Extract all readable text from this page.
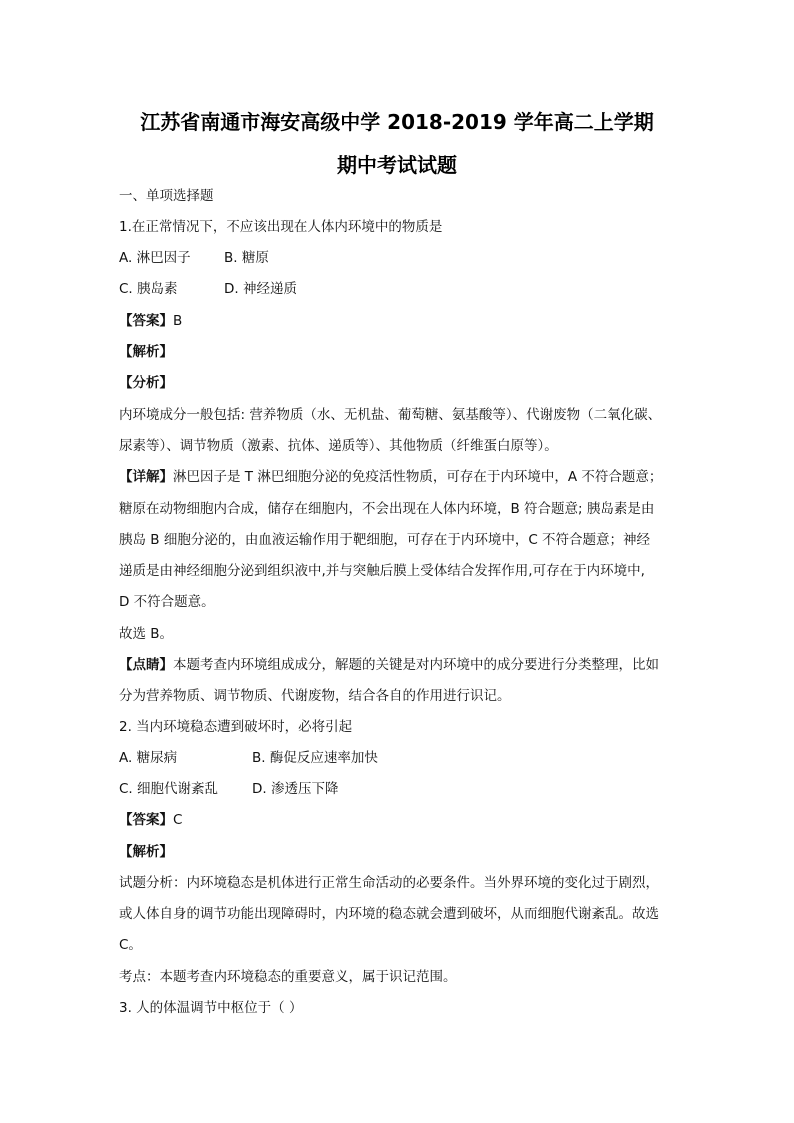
江苏省南通市海安高级中学 2018-2019 学年高二上学期
期中考试试题
一、单项选择题
1.在正常情况下，不应该出现在人体内环境中的物质是
A. 淋巴因子 B. 糖原
C. 胰岛素	D. 神经递质
【答案】B
【解析】
【分析】
内环境成分一般包括: 营养物质（水、无机盐、葡萄糖、氨基酸等）、代谢废物（二氧化碳、
尿素等）、调节物质（激素、抗体、递质等）、其他物质（纤维蛋白原等）。
【详解】淋巴因子是 T 淋巴细胞分泌的免疫活性物质，可存在于内环境中，A 不符合题意；
糖原在动物细胞内合成，储存在细胞内，不会出现在人体内环境，B 符合题意; 胰岛素是由
胰岛 B 细胞分泌的，由血液运输作用于靶细胞，可存在于内环境中，C 不符合题意；神经
递质是由神经细胞分泌到组织液中,并与突触后膜上受体结合发挥作用,可存在于内环境中,
D 不符合题意。
故选 B。
【点睛】本题考查内环境组成成分，解题的关键是对内环境中的成分要进行分类整理，比如
分为营养物质、调节物质、代谢废物，结合各自的作用进行识记。
2. 当内环境稳态遭到破坏时，必将引起
A. 糖尿病	B. 酶促反应速率加快
C. 细胞代谢紊乱	D. 渗透压下降
【答案】C
【解析】
试题分析：内环境稳态是机体进行正常生命活动的必要条件。当外界环境的变化过于剧烈，
或人体自身的调节功能出现障碍时，内环境的稳态就会遭到破坏，从而细胞代谢紊乱。故选
C。
考点：本题考查内环境稳态的重要意义，属于识记范围。
3. 人的体温调节中枢位于（ ）
